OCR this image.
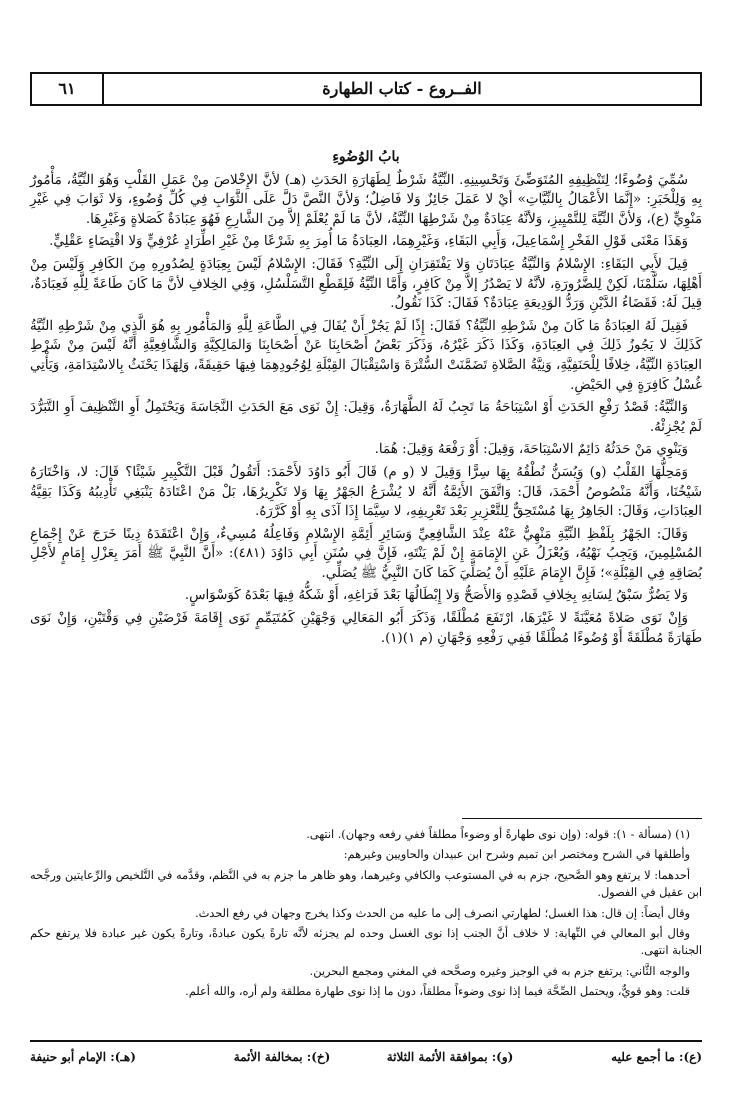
الفــروع - كتاب الطهارة
٦١

بابُ الوُضُوءِ

سُمِّيَ وُضُوءًا؛ لِتَنْظِيفِهِ المُتَوَضِّئَ وَتَحْسِينِهِ. النِّيَّةُ شَرْطٌ لِطَهَارَةِ الحَدَثِ (هـ) لأنَّ الإِخْلاصَ مِنْ عَمَلِ القَلْبِ وَهُوَ النِّيَّةُ، مَأْمُورٌ بِهِ وَلِلْخَبَرِ: «إِنَّمَا الأَعْمَالُ بِالنِّيَّاتِ» أيْ لا عَمَلَ جَائِزٌ وَلا فَاضِلٌ؛ وَلأنَّ النَّصَّ دَلَّ عَلَى الثَّوَابِ فِي كُلِّ وُضُوءٍ، وَلا ثَوَابَ فِي غَيْرِ مَنْوِيٍّ (ع)، وَلأنَّ النِّيَّةَ لِلتَّمْيِيزِ، وَلأنَّهُ عِبَادَةٌ مِنْ شَرْطِهَا النِّيَّةُ، لأنَّ مَا لَمْ يُعْلَمْ إلاَّ مِنَ الشَّارِعِ فَهُوَ عِبَادَةٌ كَصَلاةٍ وَغَيْرِهَا.

وَهَذَا مَعْنَى قَوْلِ الفَخْرِ إِسْمَاعِيلَ، وَأَبِي البَقَاءِ، وَغَيْرِهِمَا، العِبَادَةُ مَا أُمِرَ بِهِ شَرْعًا مِنْ غَيْرِ اطِّرَادٍ عُرْفِيٍّ وَلا اقْتِضَاءٍ عَقْلِيٍّ.

قِيلَ لأَبِي البَقَاءِ: الإِسْلامُ وَالنِّيَّةُ عِبَادَتَانِ وَلا يَفْتَقِرَانِ إِلَى النِّيَّةِ؟ فَقَالَ: الإِسْلامُ لَيْسَ بِعِبَادَةٍ لِصُدُورِهِ مِنَ الكَافِرِ وَلَيْسَ مِنْ أَهْلِهَا، سَلَّمْنَا، لَكِنْ لِلضَّرُورَةِ، لأنَّهُ لا يَصْدُرُ إلاَّ مِنْ كَافِرٍ، وَأَمَّا النِّيَّةُ فَلِقَطْعِ التَّسَلْسُلِ، وَفِي الخِلافِ لأنَّ مَا كَانَ طَاعَةً لِلَّهِ فَعِبَادَةٌ، قِيلَ لَهُ: فَقَضَاءُ الدَّيْنِ وَرَدُّ الوَدِيعَةِ عِبَادَةٌ؟ فَقَالَ: كَذَا نَقُولُ.

فَقِيلَ لَهُ العِبَادَةُ مَا كَانَ مِنْ شَرْطِهِ النِّيَّةُ؟ فَقَالَ: إِذًا لَمْ يَجُزْ أَنْ يُقَالَ فِي الطَّاعَةِ لِلَّهِ وَالمَأْمُورِ بِهِ هُوَ الَّذِي مِنْ شَرْطِهِ النِّيَّةُ كَذَلِكَ لا يَجُوزُ ذَلِكَ فِي العِبَادَةِ، وَكَذَا ذَكَرَ غَيْرُهُ، وَذَكَرَ بَعْضُ أَصْحَابِنَا عَنْ أَصْحَابِنَا وَالمَالِكِيَّةِ وَالشَّافِعِيَّةِ أَنَّهُ لَيْسَ مِنْ شَرْطِ العِبَادَةِ النِّيَّةُ، خِلافًا لِلْحَنَفِيَّةِ، وَنِيَّةُ الصَّلاةِ تَضَمَّنَتْ السُّتْرَةَ وَاسْتِقْبَالَ القِبْلَةِ لِوُجُودِهِمَا فِيهَا حَقِيقَةً، وَلِهَذَا يَحْنَثُ بِالاسْتِدَامَةِ، وَيَأْتِي غُسْلُ كَافِرَةٍ فِي الحَيْضِ.

وَالنِّيَّةُ: قَصْدُ رَفْعِ الحَدَثِ أَوْ اسْتِبَاحَةُ مَا تَجِبُ لَهُ الطَّهَارَةُ، وَقِيلَ: إِنْ نَوَى مَعَ الحَدَثِ النَّجَاسَةَ وَيَحْتَمِلُ أَوِ التَّنْظِيفَ أَوِ التَّبَرُّدَ لَمْ يُجْزِئْهُ.

وَيَنْوِي مَنْ حَدَثُهُ دَائِمٌ الاسْتِبَاحَةَ، وَقِيلَ: أَوْ رَفْعَهُ وَقِيلَ: هُمَا.

وَمَحِلُّهَا القَلْبُ (و) وَيُسَنُّ نُطْقُهُ بِهَا سِرًّا وَقِيلَ لا (و م) قَالَ أَبُو دَاوُدَ لأَحْمَدَ: أَتَقُولُ قَبْلَ التَّكْبِيرِ شَيْئًا؟ قَالَ: لا، وَاخْتَارَهُ شَيْخُنَا، وَأَنَّهُ مَنْصُوصُ أَحْمَدَ، قَالَ: وَاتَّفَقَ الأَئِمَّةُ أَنَّهُ لا يُشْرَعُ الجَهْرُ بِهَا وَلا تَكْرِيرُهَا، بَلْ مَنْ اعْتَادَهُ يَنْبَغِي تَأْدِيبُهُ وَكَذَا بَقِيَّةُ العِبَادَاتِ، وَقَالَ: الجَاهِرُ بِهَا مُسْتَحِقٌّ لِلتَّعْزِيرِ بَعْدَ تَعْرِيفِهِ، لا سِيَّمَا إِذَا آذَى بِهِ أَوْ كَرَّرَهُ.

وَقَالَ: الجَهْرُ بِلَفْظِ النِّيَّةِ مَنْهِيٌّ عَنْهُ عِنْدَ الشَّافِعِيِّ وَسَائِرِ أَئِمَّةِ الإِسْلامِ وَفَاعِلُهُ مُسِيءٌ، وَإِنْ اعْتَقَدَهُ دِينًا خَرَجَ عَنْ إِجْمَاعِ المُسْلِمِينَ، وَيَجِبُ نَهْيُهُ، وَيُعْزَلُ عَنِ الإِمَامَةِ إِنْ لَمْ يَنْتَهِ، فَإِنَّ فِي سُنَنِ أَبِي دَاوُدَ (٤٨١): «أَنَّ النَّبِيَّ ﷺ أَمَرَ بِعَزْلِ إِمَامٍ لأَجْلِ بُصَاقِهِ فِي القِبْلَةِ»؛ فَإِنَّ الإِمَامَ عَلَيْهِ أَنْ يُصَلِّيَ كَمَا كَانَ النَّبِيُّ ﷺ يُصَلِّي.

وَلا يَضُرُّ سَبْقُ لِسَانِهِ بِخِلافِ قَصْدِهِ وَالأَصَحُّ وَلا إِبْطَالُهَا بَعْدَ فَرَاغِهِ، أَوْ شَكُّهُ فِيهَا بَعْدَهُ كَوَسْوَاسٍ.

وَإِنْ نَوَى صَلاةً مُعَيَّنَةً لا غَيْرَهَا، ارْتَفَعَ مُطْلَقًا، وَذَكَرَ أَبُو المَعَالِي وَجْهَيْنِ كَمُتَيَمِّمٍ نَوَى إِقَامَةَ فَرْضَيْنِ فِي وَقْتَيْنِ، وَإِنْ نَوَى طَهَارَةً مُطْلَقَةً أَوْ وُضُوءًا مُطْلَقًا فَفِي رَفْعِهِ وَجْهَانِ (م ١)(١).

(١) (مسألة - ١): قوله: (وإن نوى طهارةً أو وضوءاً مطلقاً ففي رفعه وجهان). انتهى.

وأطلقها في الشرح ومختصر ابن تميم وشرح ابن عبيدان والحاويين وغيرهم:

أحدهما: لا يرتفع وهو الصَّحيح، جزم به في المستوعب والكافي وغيرهما، وهو ظاهر ما جزم به في النَّظم، وقدَّمه في التَّلخيص والرِّعايتين ورجَّحه ابن عقيل في الفصول.

وقال أيضاً: إن قال: هذا الغسل؛ لطهارتي انصرف إلى ما عليه من الحدث وكذا يخرج وجهان في رفع الحدث.

وقال أبو المعالي في النِّهاية: لا خلاف أنَّ الجنب إذا نوى الغسل وحده لم يجزئه لأنَّه تارةً يكون عبادةً، وتارةً يكون غير عبادة فلا يرتفع حكم الجنابة انتهى.

والوجه الثَّاني: يرتفع جزم به في الوجيز وغيره وصحَّحه في المغني ومجمع البحرين.

قلت: وهو قويٌّ، ويحتمل الصِّحَّة فيما إذا نوى وضوءاً مطلقاً، دون ما إذا نوى طهارة مطلقة ولم أره، والله أعلم.

(ع): ما أجمع عليه
(و): بموافقة الأئمة الثلاثة
(خ): بمخالفة الأئمة
(هـ): الإمام أبو حنيفة
